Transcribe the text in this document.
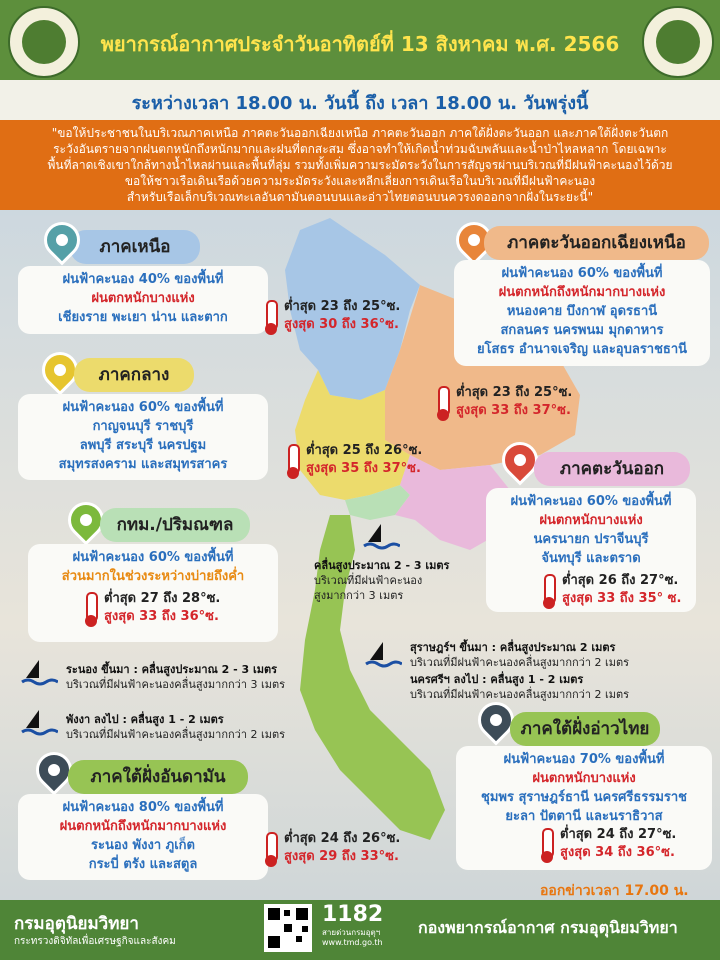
พยากรณ์อากาศประจำวันอาทิตย์ที่ 13 สิงหาคม พ.ศ. 2566
ระหว่างเวลา 18.00 น. วันนี้ ถึง เวลา 18.00 น. วันพรุ่งนี้
"ขอให้ประชาชนในบริเวณภาคเหนือ ภาคตะวันออกเฉียงเหนือ ภาคตะวันออก ภาคใต้ฝั่งตะวันออก และภาคใต้ฝั่งตะวันตก
ระวังอันตรายจากฝนตกหนักถึงหนักมากและฝนที่ตกสะสม ซึ่งอาจทำให้เกิดน้ำท่วมฉับพลันและน้ำป่าไหลหลาก โดยเฉพาะ
พื้นที่ลาดเชิงเขาใกล้ทางน้ำไหลผ่านและพื้นที่ลุ่ม รวมทั้งเพิ่มความระมัดระวังในการสัญจรผ่านบริเวณที่มีฝนฟ้าคะนองไว้ด้วย
ขอให้ชาวเรือเดินเรือด้วยความระมัดระวังและหลีกเลี่ยงการเดินเรือในบริเวณที่มีฝนฟ้าคะนอง
สำหรับเรือเล็กบริเวณทะเลอันดามันตอนบนและอ่าวไทยตอนบนควรงดออกจากฝั่งในระยะนี้"
ภาคเหนือ
ฝนฟ้าคะนอง 40% ของพื้นที่
ฝนตกหนักบางแห่ง
เชียงราย พะเยา น่าน และตาก
ต่ำสุด 23 ถึง 25°ซ.
สูงสุด 30 ถึง 36°ซ.
ภาคตะวันออกเฉียงเหนือ
ฝนฟ้าคะนอง 60% ของพื้นที่
ฝนตกหนักถึงหนักมากบางแห่ง
หนองคาย บึงกาฬ อุดรธานี
สกลนคร นครพนม มุกดาหาร
ยโสธร อำนาจเจริญ และอุบลราชธานี
ต่ำสุด 23 ถึง 25°ซ.
สูงสุด 33 ถึง 37°ซ.
ภาคกลาง
ฝนฟ้าคะนอง 60% ของพื้นที่
กาญจนบุรี ราชบุรี
ลพบุรี สระบุรี นครปฐม
สมุทรสงคราม และสมุทรสาคร
ต่ำสุด 25 ถึง 26°ซ.
สูงสุด 35 ถึง 37°ซ.	ภาคตะวันออก
ฝนฟ้าคะนอง 60% ของพื้นที่
ฝนตกหนักบางแห่ง
นครนายก ปราจีนบุรี
จันทบุรี และตราด
ต่ำสุด 26 ถึง 27°ซ.
สูงสุด 33 ถึง 35° ซ.
กทม./ปริมณฑล
ฝนฟ้าคะนอง 60% ของพื้นที่
ส่วนมากในช่วงระหว่างบ่ายถึงค่ำ
ต่ำสุด 27 ถึง 28°ซ.
สูงสุด 33 ถึง 36°ซ.
คลื่นสูงประมาณ 2 - 3 เมตร
บริเวณที่มีฝนฟ้าคะนอง
สูงมากกว่า 3 เมตร
ระนอง ขึ้นมา : คลื่นสูงประมาณ 2 - 3 เมตร
บริเวณที่มีฝนฟ้าคะนองคลื่นสูงมากกว่า 3 เมตร
พังงา ลงไป : คลื่นสูง 1 - 2 เมตร
บริเวณที่มีฝนฟ้าคะนองคลื่นสูงมากกว่า 2 เมตร
สุราษฎร์ฯ ขึ้นมา : คลื่นสูงประมาณ 2 เมตร
บริเวณที่มีฝนฟ้าคะนองคลื่นสูงมากกว่า 2 เมตร
นครศรีฯ ลงไป : คลื่นสูง 1 - 2 เมตร
บริเวณที่มีฝนฟ้าคะนองคลื่นสูงมากกว่า 2 เมตร
ภาคใต้ฝั่งอ่าวไทย
ฝนฟ้าคะนอง 70% ของพื้นที่
ฝนตกหนักบางแห่ง
ชุมพร สุราษฎร์ธานี นครศรีธรรมราช
ยะลา ปัตตานี และนราธิวาส
ต่ำสุด 24 ถึง 27°ซ.
สูงสุด 34 ถึง 36°ซ.
ภาคใต้ฝั่งอันดามัน
ฝนฟ้าคะนอง 80% ของพื้นที่
ฝนตกหนักถึงหนักมากบางแห่ง
ระนอง พังงา ภูเก็ต
กระบี่ ตรัง และสตูล
ต่ำสุด 24 ถึง 26°ซ.
สูงสุด 29 ถึง 33°ซ.
ออกข่าวเวลา 17.00 น.
กรมอุตุนิยมวิทยา
กระทรวงดิจิทัลเพื่อเศรษฐกิจและสังคม
1182
สายด่วนกรมอุตุฯ
www.tmd.go.th
กองพยากรณ์อากาศ กรมอุตุนิยมวิทยา
